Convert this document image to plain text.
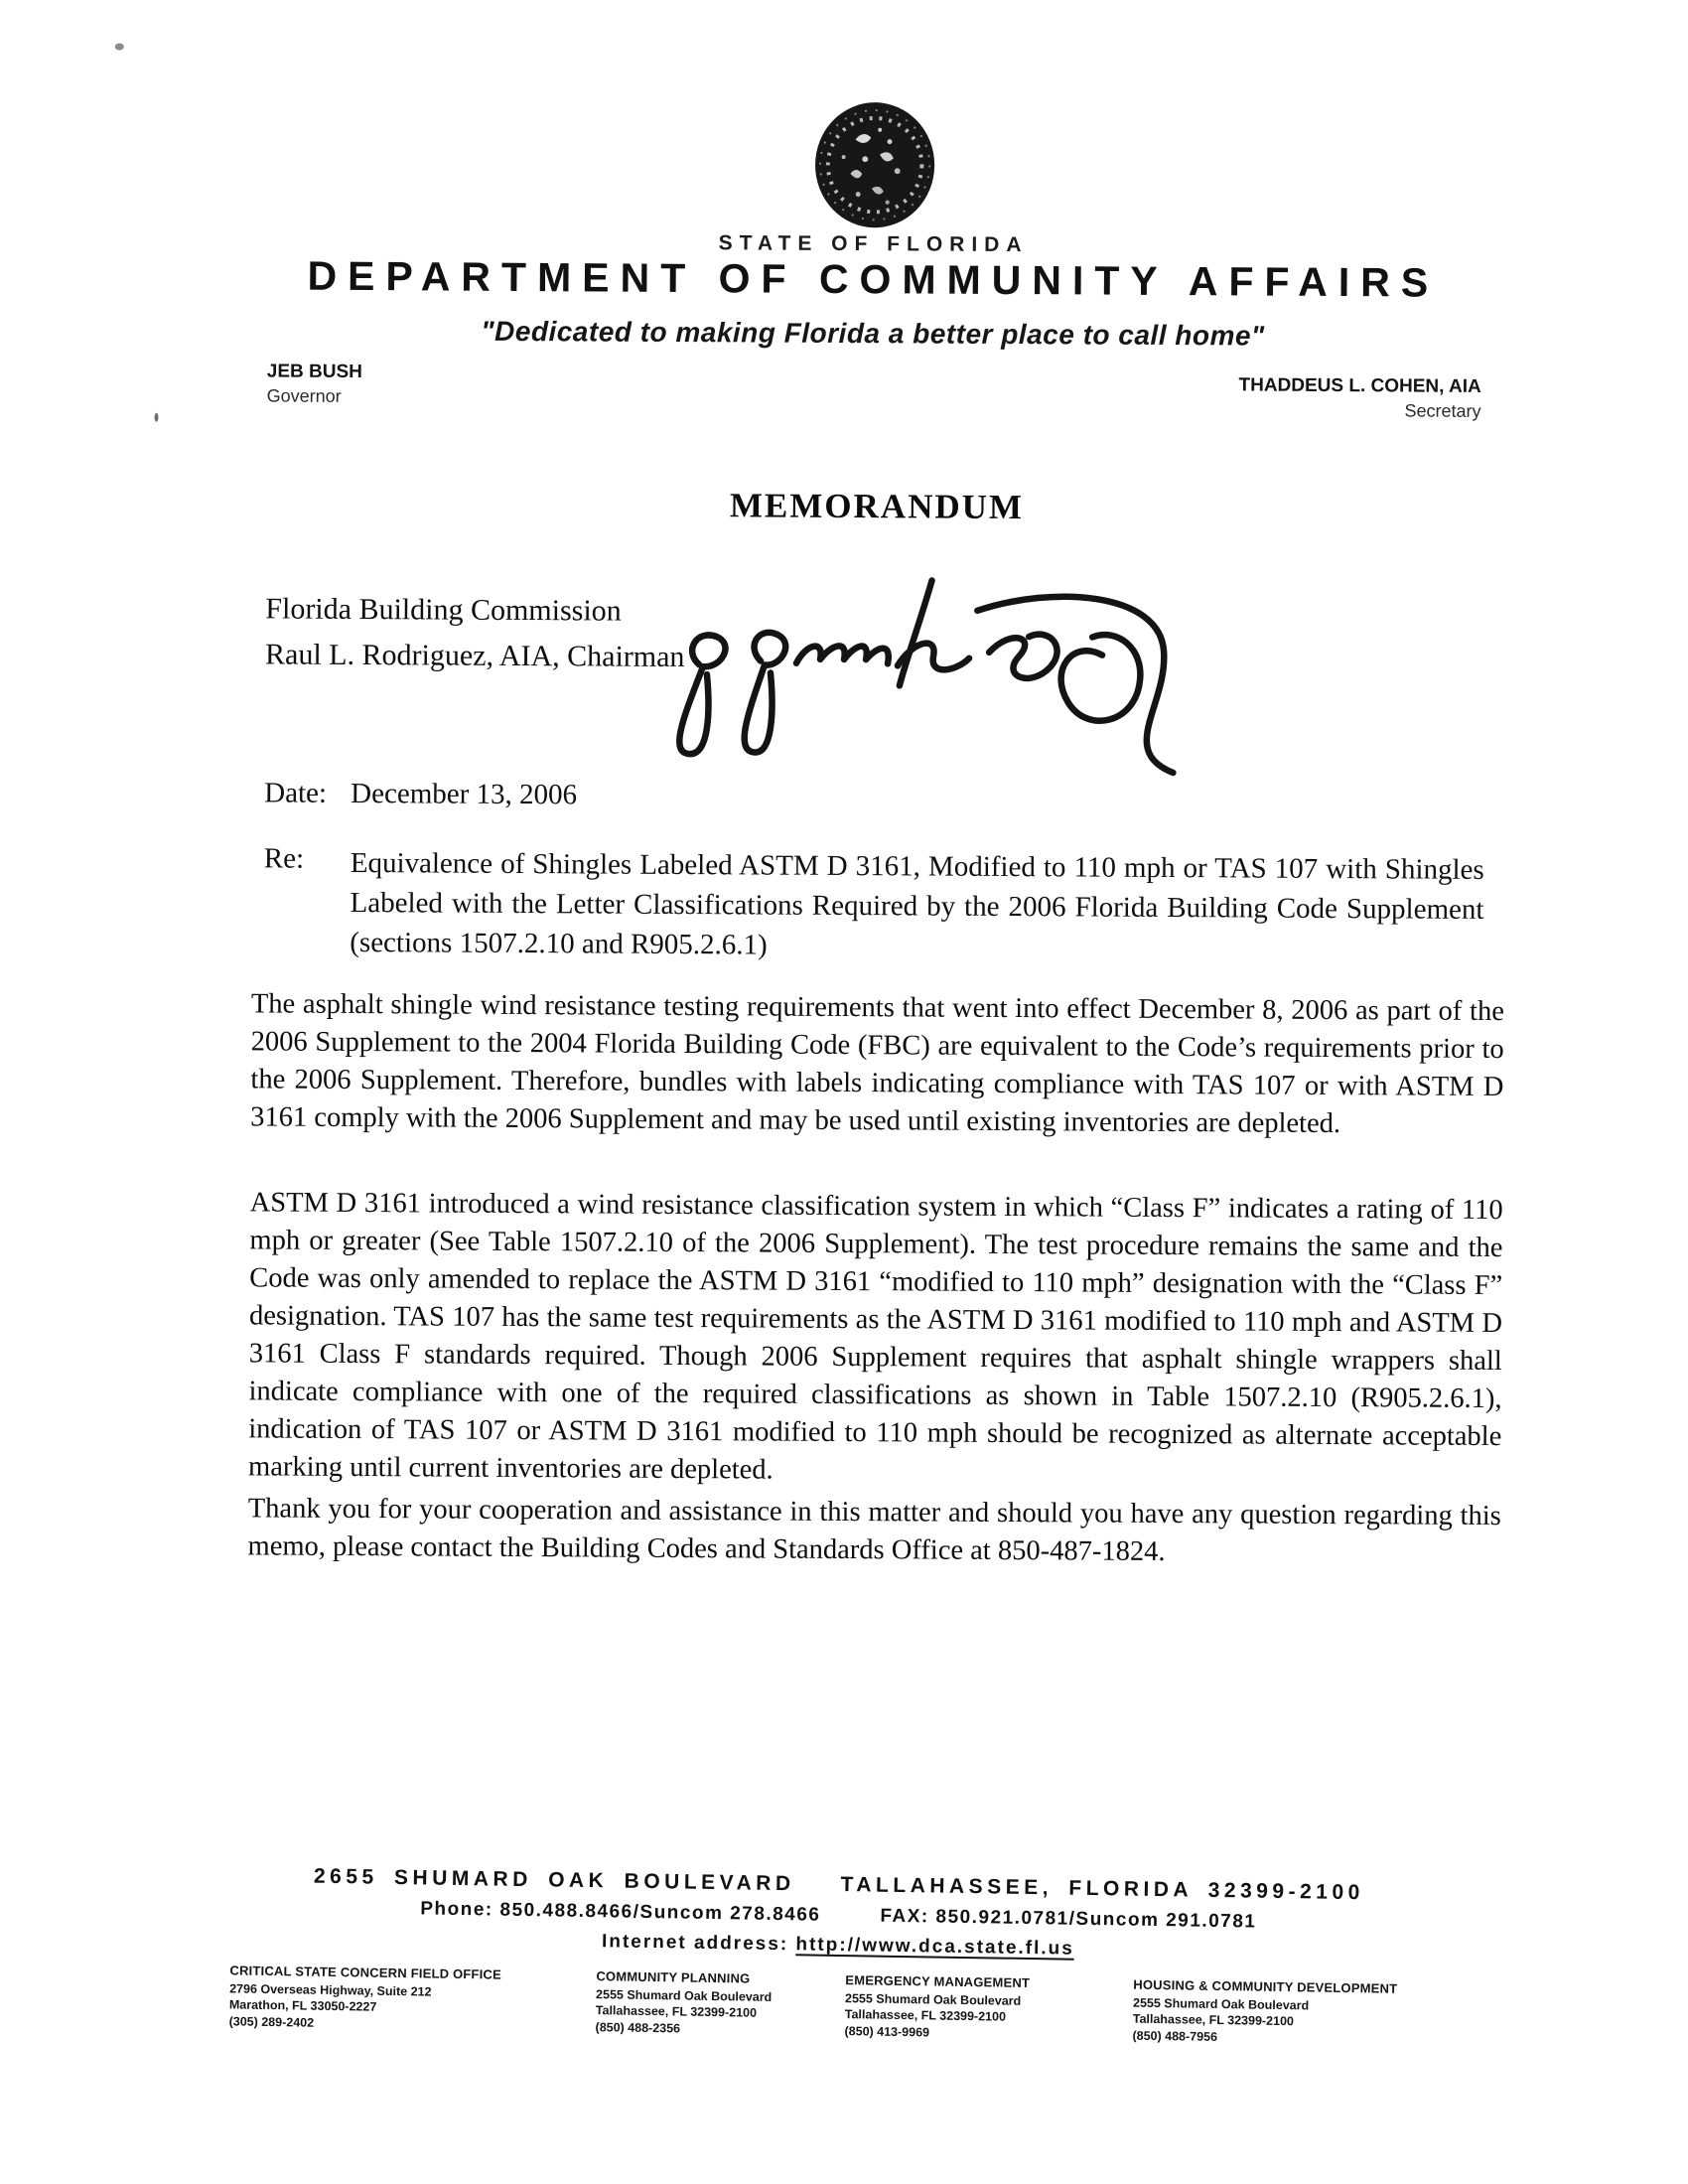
STATE OF FLORIDA
DEPARTMENT OF COMMUNITY AFFAIRS
"Dedicated to making Florida a better place to call home"
JEB BUSH
Governor	THADDEUS L. COHEN, AIA
Secretary
MEMORANDUM
Florida Building Commission
Raul L. Rodriguez, AIA, Chairman
Date: December 13, 2006
Re: Equivalence of Shingles Labeled ASTM D 3161, Modified to 110 mph or TAS 107 with Shingles Labeled with the Letter Classifications Required by the 2006 Florida Building Code Supplement (sections 1507.2.10 and R905.2.6.1)

The asphalt shingle wind resistance testing requirements that went into effect December 8, 2006 as part of the 2006 Supplement to the 2004 Florida Building Code (FBC) are equivalent to the Code’s requirements prior to the 2006 Supplement. Therefore, bundles with labels indicating compliance with TAS 107 or with ASTM D 3161 comply with the 2006 Supplement and may be used until existing inventories are depleted.

ASTM D 3161 introduced a wind resistance classification system in which “Class F” indicates a rating of 110 mph or greater (See Table 1507.2.10 of the 2006 Supplement). The test procedure remains the same and the Code was only amended to replace the ASTM D 3161 “modified to 110 mph” designation with the “Class F” designation. TAS 107 has the same test requirements as the ASTM D 3161 modified to 110 mph and ASTM D 3161 Class F standards required. Though 2006 Supplement requires that asphalt shingle wrappers shall indicate compliance with one of the required classifications as shown in Table 1507.2.10 (R905.2.6.1), indication of TAS 107 or ASTM D 3161 modified to 110 mph should be recognized as alternate acceptable marking until current inventories are depleted.

Thank you for your cooperation and assistance in this matter and should you have any question regarding this memo, please contact the Building Codes and Standards Office at 850-487-1824.

2655 SHUMARD OAK BOULEVARD TALLAHASSEE, FLORIDA 32399-2100
Phone: 850.488.8466/Suncom 278.8466	FAX: 850.921.0781/Suncom 291.0781
Internet address: http://www.dca.state.fl.us
CRITICAL STATE CONCERN FIELD OFFICE
2796 Overseas Highway, Suite 212
Marathon, FL 33050-2227
(305) 289-2402
COMMUNITY PLANNING
2555 Shumard Oak Boulevard
Tallahassee, FL 32399-2100
(850) 488-2356
EMERGENCY MANAGEMENT
2555 Shumard Oak Boulevard
Tallahassee, FL 32399-2100
(850) 413-9969
HOUSING & COMMUNITY DEVELOPMENT
2555 Shumard Oak Boulevard
Tallahassee, FL 32399-2100
(850) 488-7956
